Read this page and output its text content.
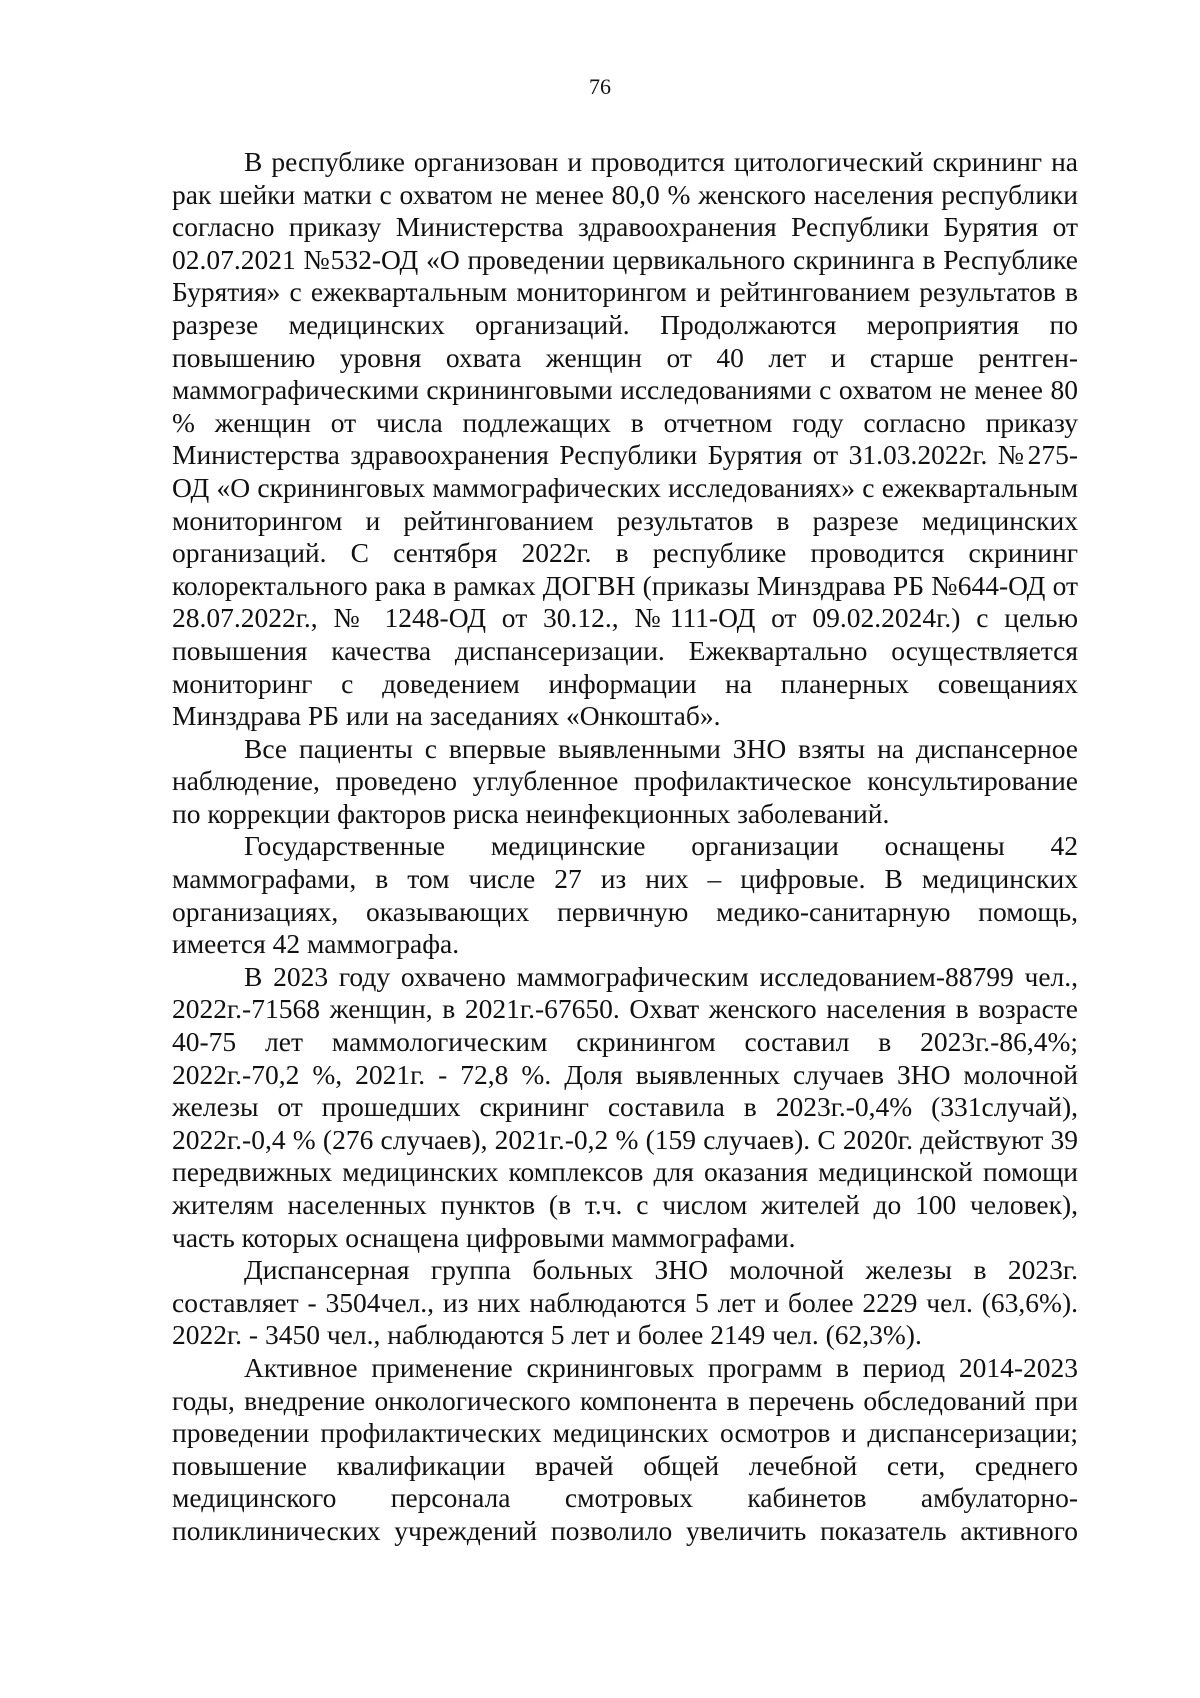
76

В республике организован и проводится цитологический скрининг на рак шейки матки с охватом не менее 80,0 % женского населения республики согласно приказу Министерства здравоохранения Республики Бурятия от 02.07.2021 №532-ОД «О проведении цервикального скрининга в Республике Бурятия» с ежеквартальным мониторингом и рейтингованием результатов в разрезе медицинских организаций. Продолжаются мероприятия по повышению уровня охвата женщин от 40 лет и старше рентген-маммографическими скрининговыми исследованиями с охватом не менее 80 % женщин от числа подлежащих в отчетном году согласно приказу Министерства здравоохранения Республики Бурятия от 31.03.2022г. №275-ОД «О скрининговых маммографических исследованиях» с ежеквартальным мониторингом и рейтингованием результатов в разрезе медицинских организаций. С сентября 2022г. в республике проводится скрининг колоректального рака в рамках ДОГВН (приказы Минздрава РБ №644-ОД от 28.07.2022г., № 1248-ОД от 30.12., №111-ОД от 09.02.2024г.) с целью повышения качества диспансеризации. Ежеквартально осуществляется мониторинг с доведением информации на планерных совещаниях Минздрава РБ или на заседаниях «Онкоштаб».

Все пациенты с впервые выявленными ЗНО взяты на диспансерное наблюдение, проведено углубленное профилактическое консультирование по коррекции факторов риска неинфекционных заболеваний.

Государственные медицинские организации оснащены 42 маммографами, в том числе 27 из них – цифровые. В медицинских организациях, оказывающих первичную медико-санитарную помощь, имеется 42 маммографа.

В 2023 году охвачено маммографическим исследованием-88799 чел., 2022г.-71568 женщин, в 2021г.-67650. Охват женского населения в возрасте 40-75 лет маммологическим скринингом составил в 2023г.-86,4%; 2022г.-70,2 %, 2021г. - 72,8 %. Доля выявленных случаев ЗНО молочной железы от прошедших скрининг составила в 2023г.-0,4% (331случай), 2022г.-0,4 % (276 случаев), 2021г.-0,2 % (159 случаев). С 2020г. действуют 39 передвижных медицинских комплексов для оказания медицинской помощи жителям населенных пунктов (в т.ч. с числом жителей до 100 человек), часть которых оснащена цифровыми маммографами.

Диспансерная группа больных ЗНО молочной железы в 2023г. составляет - 3504чел., из них наблюдаются 5 лет и более 2229 чел. (63,6%). 2022г. - 3450 чел., наблюдаются 5 лет и более 2149 чел. (62,3%).

Активное применение скрининговых программ в период 2014-2023 годы, внедрение онкологического компонента в перечень обследований при проведении профилактических медицинских осмотров и диспансеризации; повышение квалификации врачей общей лечебной сети, среднего медицинского персонала смотровых кабинетов амбулаторно-поликлинических учреждений позволило увеличить показатель активного
